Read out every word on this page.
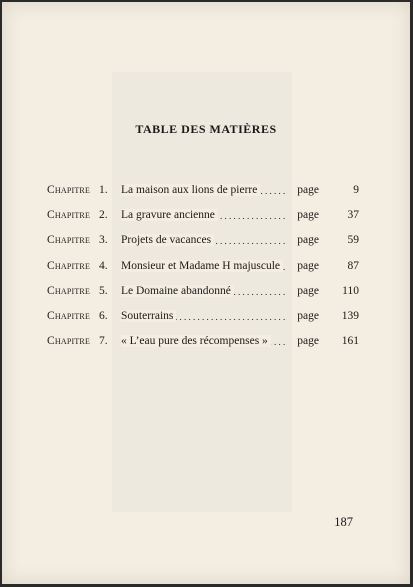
TABLE DES MATIÈRES
Chapitre 1.	La maison aux lions de pierre . . .	page	9
Chapitre 2.	La gravure ancienne . . .	page	37
Chapitre 3.	Projets de vacances . . .	page	59
Chapitre 4.	Monsieur et Madame H majuscule . . .	page	87
Chapitre 5.	Le Domaine abandonné . . .	page	110
Chapitre 6.	Souterrains . . .	page	139
Chapitre 7.	« L’eau pure des récompenses » . . .	page	161
187
